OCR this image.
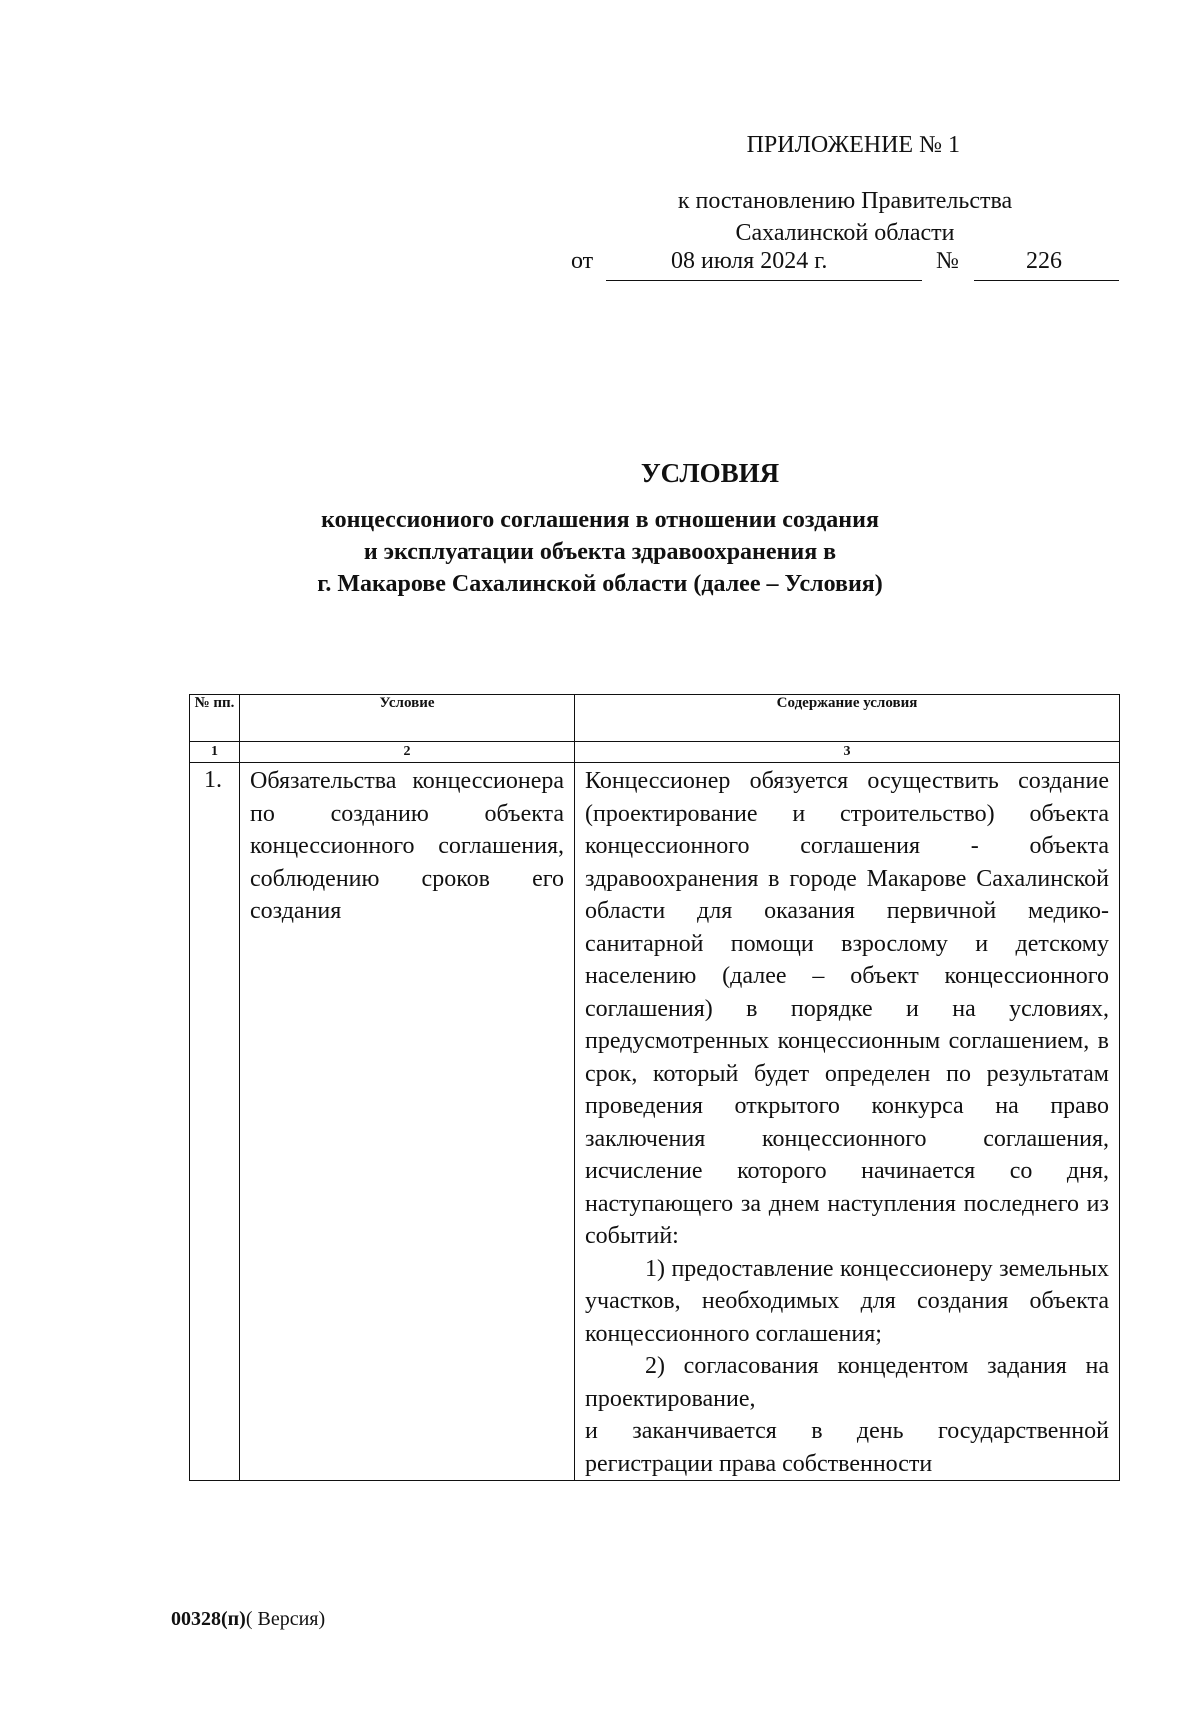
ПРИЛОЖЕНИЕ № 1
к постановлению Правительства
Сахалинской области
от	08 июля 2024 г.	№	226
УСЛОВИЯ
концессиониого соглашения в отношении создания
и эксплуатации объекта здравоохранения в
г. Макарове Сахалинской области (далее – Условия)
№ пп.	Условие	Содержание условия
1	2	3
1.	Обязательства концессионера по созданию объекта концессионного соглашения, соблюдению сроков его создания	Концессионер обязуется осуществить создание (проектирование и строительство) объекта концессионного соглашения - объекта здравоохранения в городе Макарове Сахалинской области для оказания первичной медико-санитарной помощи взрослому и детскому населению (далее – объект концессионного соглашения) в порядке и на условиях, предусмотренных концессионным соглашением, в срок, который будет определен по результатам проведения открытого конкурса на право заключения концессионного соглашения, исчисление которого начинается со дня, наступающего за днем наступления последнего из событий:

1) предоставление концессионеру земельных участков, необходимых для создания объекта концессионного соглашения;

2) согласования концедентом задания на проектирование,

и заканчивается в день государственной регистрации права собственности

00328(п)( Версия)
